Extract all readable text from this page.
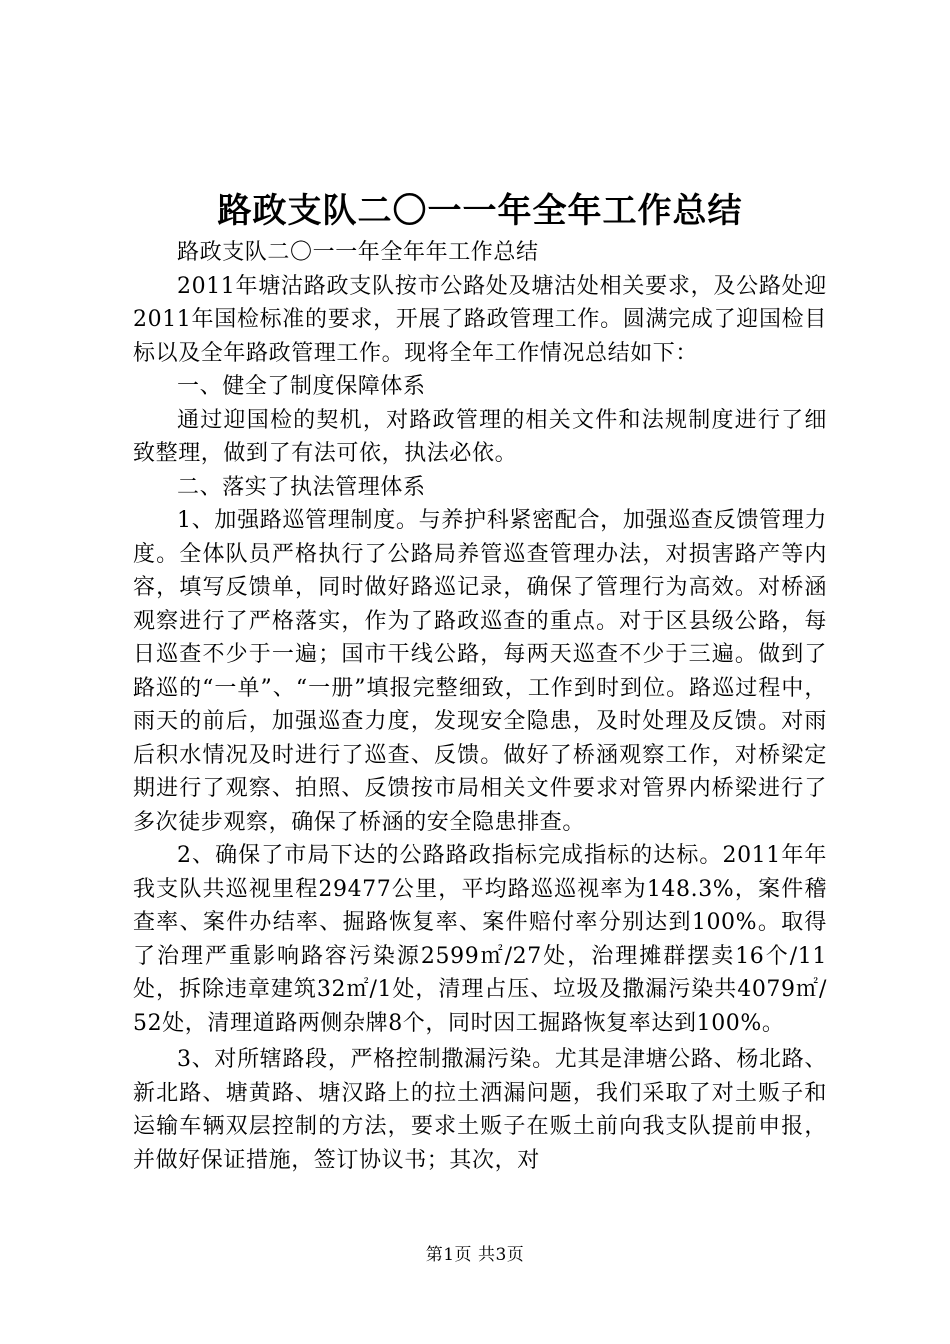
路政支队二〇一一年全年工作总结

路政支队二〇一一年全年年工作总结

2011年塘沽路政支队按市公路处及塘沽处相关要求，及公路处迎2011年国检标准的要求，开展了路政管理工作。圆满完成了迎国检目标以及全年路政管理工作。现将全年工作情况总结如下：

一、健全了制度保障体系

通过迎国检的契机，对路政管理的相关文件和法规制度进行了细致整理，做到了有法可依，执法必依。

二、落实了执法管理体系

1、加强路巡管理制度。与养护科紧密配合，加强巡查反馈管理力度。全体队员严格执行了公路局养管巡查管理办法，对损害路产等内容，填写反馈单，同时做好路巡记录，确保了管理行为高效。对桥涵观察进行了严格落实，作为了路政巡查的重点。对于区县级公路，每日巡查不少于一遍；国市干线公路，每两天巡查不少于三遍。做到了路巡的“一单”、“一册”填报完整细致，工作到时到位。路巡过程中，雨天的前后，加强巡查力度，发现安全隐患，及时处理及反馈。对雨后积水情况及时进行了巡查、反馈。做好了桥涵观察工作，对桥梁定期进行了观察、拍照、反馈按市局相关文件要求对管界内桥梁进行了多次徒步观察，确保了桥涵的安全隐患排查。

2、确保了市局下达的公路路政指标完成指标的达标。2011年年我支队共巡视里程29477公里，平均路巡巡视率为148.3%，案件稽查率、案件办结率、掘路恢复率、案件赔付率分别达到100%。取得了治理严重影响路容污染源2599㎡/27处，治理摊群摆卖16个/11处，拆除违章建筑32㎡/1处，清理占压、垃圾及撒漏污染共4079㎡/52处，清理道路两侧杂牌8个，同时因工掘路恢复率达到100%。

3、对所辖路段，严格控制撒漏污染。尤其是津塘公路、杨北路、新北路、塘黄路、塘汉路上的拉土洒漏问题，我们采取了对土贩子和运输车辆双层控制的方法，要求土贩子在贩土前向我支队提前申报，并做好保证措施，签订协议书；其次，对

第1页 共3页
